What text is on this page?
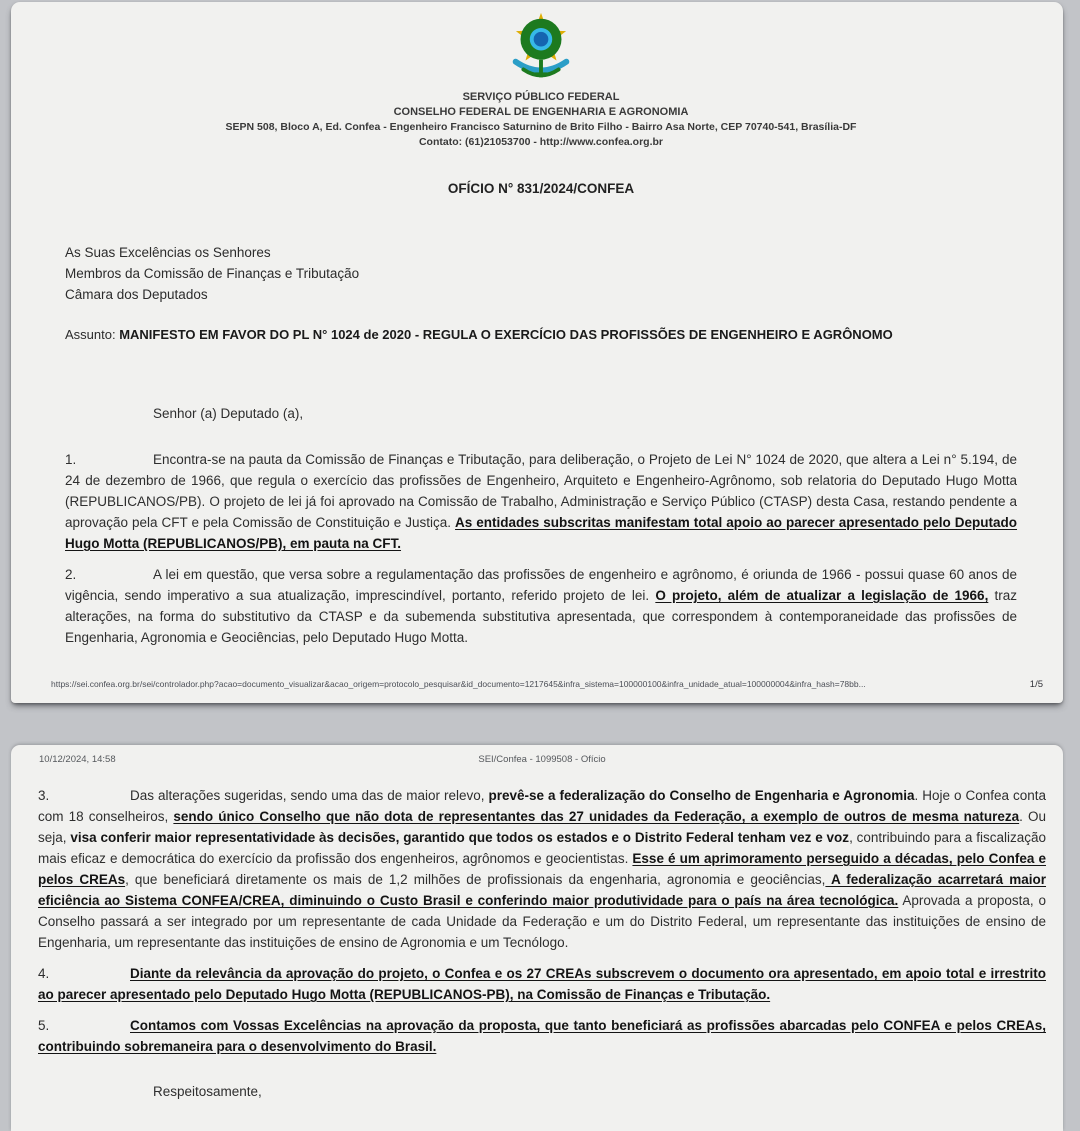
SERVIÇO PÚBLICO FEDERAL
CONSELHO FEDERAL DE ENGENHARIA E AGRONOMIA
SEPN 508, Bloco A, Ed. Confea - Engenheiro Francisco Saturnino de Brito Filho - Bairro Asa Norte, CEP 70740-541, Brasília-DF
Contato: (61)21053700 - http://www.confea.org.br
OFÍCIO N° 831/2024/CONFEA
As Suas Excelências os Senhores
Membros da Comissão de Finanças e Tributação
Câmara dos Deputados

Assunto: MANIFESTO EM FAVOR DO PL N° 1024 de 2020 - REGULA O EXERCÍCIO DAS PROFISSÕES DE ENGENHEIRO E AGRÔNOMO

Senhor (a) Deputado (a),

1.	Encontra-se na pauta da Comissão de Finanças e Tributação, para deliberação, o Projeto de Lei N° 1024 de 2020, que altera a Lei n° 5.194, de 24 de dezembro de 1966, que regula o exercício das profissões de Engenheiro, Arquiteto e Engenheiro-Agrônomo, sob relatoria do Deputado Hugo Motta (REPUBLICANOS/PB). O projeto de lei já foi aprovado na Comissão de Trabalho, Administração e Serviço Público (CTASP) desta Casa, restando pendente a aprovação pela CFT e pela Comissão de Constituição e Justiça. As entidades subscritas manifestam total apoio ao parecer apresentado pelo Deputado Hugo Motta (REPUBLICANOS/PB), em pauta na CFT.

2.	A lei em questão, que versa sobre a regulamentação das profissões de engenheiro e agrônomo, é oriunda de 1966 - possui quase 60 anos de vigência, sendo imperativo a sua atualização, imprescindível, portanto, referido projeto de lei. O projeto, além de atualizar a legislação de 1966, traz alterações, na forma do substitutivo da CTASP e da subemenda substitutiva apresentada, que correspondem à contemporaneidade das profissões de Engenharia, Agronomia e Geociências, pelo Deputado Hugo Motta.

https://sei.confea.org.br/sei/controlador.php?acao=documento_visualizar&acao_origem=protocolo_pesquisar&id_documento=1217645&infra_sistema=100000100&infra_unidade_atual=100000004&infra_hash=78bb...	1/5
10/12/2024, 14:58	SEI/Confea - 1099508 - Ofício

3.	Das alterações sugeridas, sendo uma das de maior relevo, prevê-se a federalização do Conselho de Engenharia e Agronomia. Hoje o Confea conta com 18 conselheiros, sendo único Conselho que não dota de representantes das 27 unidades da Federação, a exemplo de outros de mesma natureza. Ou seja, visa conferir maior representatividade às decisões, garantido que todos os estados e o Distrito Federal tenham vez e voz, contribuindo para a fiscalização mais eficaz e democrática do exercício da profissão dos engenheiros, agrônomos e geocientistas. Esse é um aprimoramento perseguido a décadas, pelo Confea e pelos CREAs, que beneficiará diretamente os mais de 1,2 milhões de profissionais da engenharia, agronomia e geociências, A federalização acarretará maior eficiência ao Sistema CONFEA/CREA, diminuindo o Custo Brasil e conferindo maior produtividade para o país na área tecnológica. Aprovada a proposta, o Conselho passará a ser integrado por um representante de cada Unidade da Federação e um do Distrito Federal, um representante das instituições de ensino de Engenharia, um representante das instituições de ensino de Agronomia e um Tecnólogo.

4.	Diante da relevância da aprovação do projeto, o Confea e os 27 CREAs subscrevem o documento ora apresentado, em apoio total e irrestrito ao parecer apresentado pelo Deputado Hugo Motta (REPUBLICANOS-PB), na Comissão de Finanças e Tributação.

5.	Contamos com Vossas Excelências na aprovação da proposta, que tanto beneficiará as profissões abarcadas pelo CONFEA e pelos CREAs, contribuindo sobremaneira para o desenvolvimento do Brasil.

Respeitosamente,
